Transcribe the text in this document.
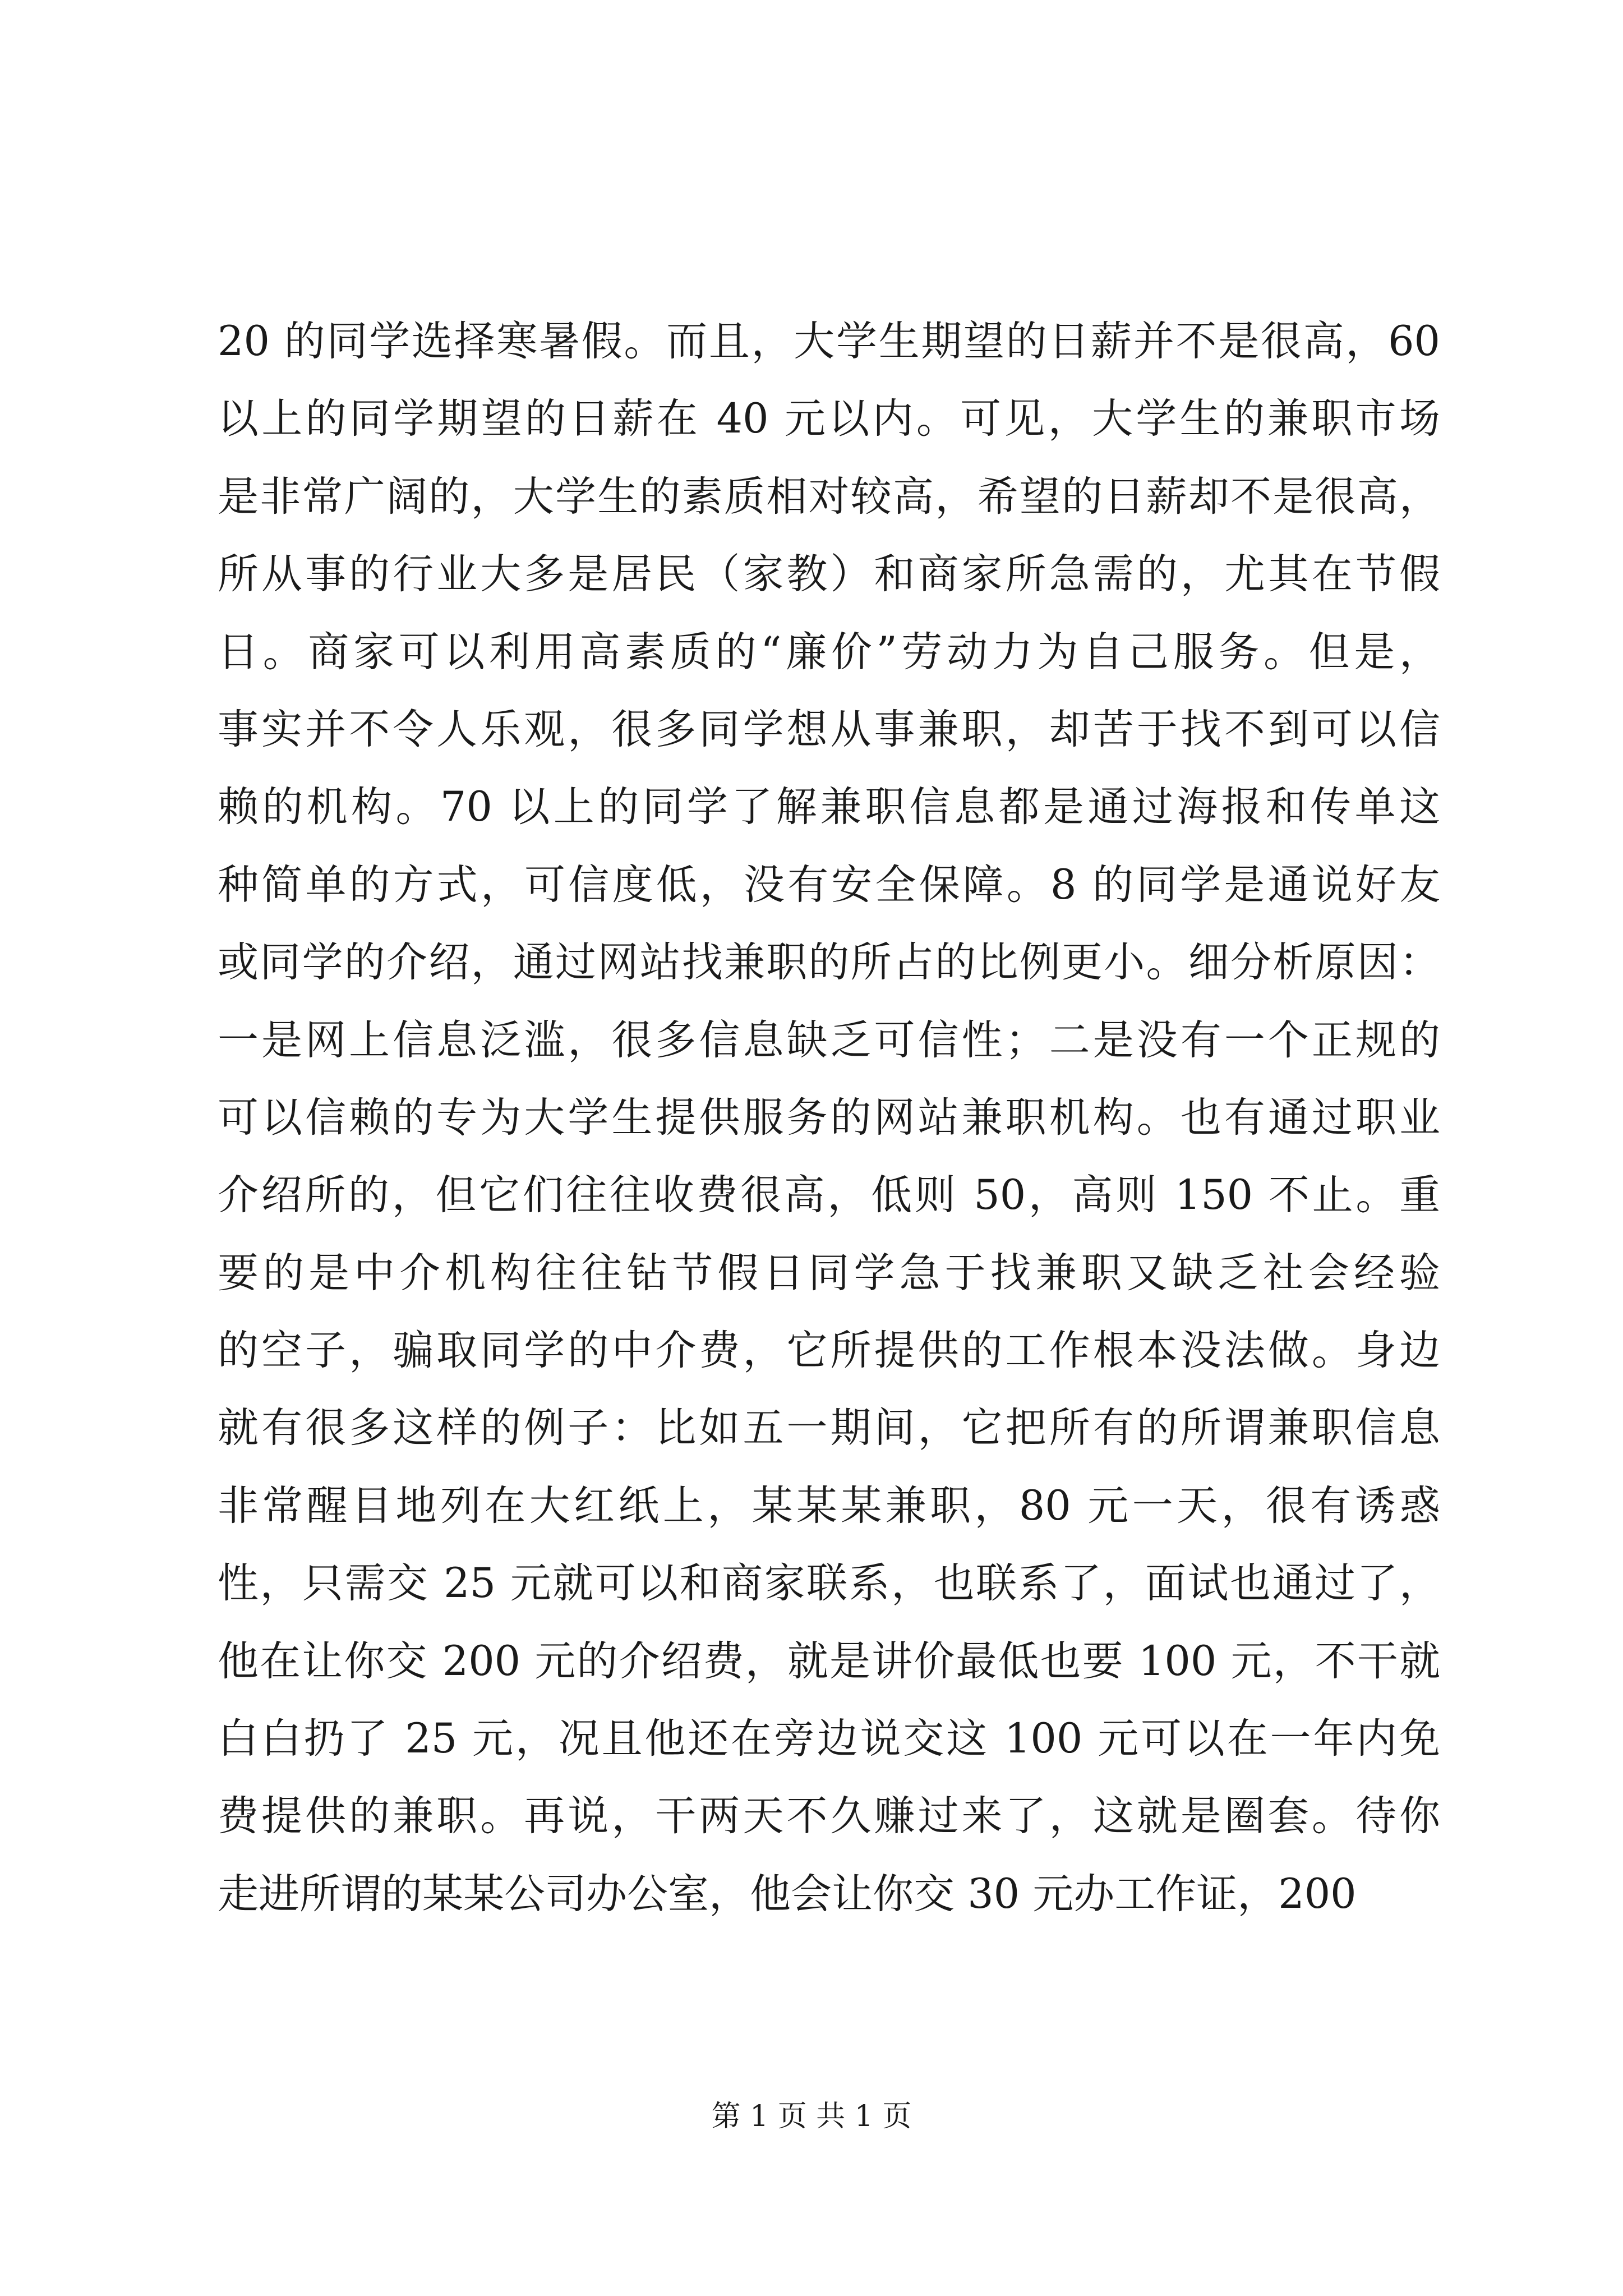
20 的同学选择寒暑假。而且，大学生期望的日薪并不是很高，60
以上的同学期望的日薪在 40 元以内。可见，大学生的兼职市场
是非常广阔的，大学生的素质相对较高，希望的日薪却不是很高，
所从事的行业大多是居民（家教）和商家所急需的，尤其在节假
日。商家可以利用高素质的“廉价”劳动力为自己服务。但是，
事实并不令人乐观，很多同学想从事兼职，却苦于找不到可以信
赖的机构。70 以上的同学了解兼职信息都是通过海报和传单这
种简单的方式，可信度低，没有安全保障。8 的同学是通说好友
或同学的介绍，通过网站找兼职的所占的比例更小。细分析原因：
一是网上信息泛滥，很多信息缺乏可信性；二是没有一个正规的
可以信赖的专为大学生提供服务的网站兼职机构。也有通过职业
介绍所的，但它们往往收费很高，低则 50，高则 150 不止。重
要的是中介机构往往钻节假日同学急于找兼职又缺乏社会经验
的空子，骗取同学的中介费，它所提供的工作根本没法做。身边
就有很多这样的例子：比如五一期间，它把所有的所谓兼职信息
非常醒目地列在大红纸上，某某某兼职，80 元一天，很有诱惑
性，只需交 25 元就可以和商家联系，也联系了，面试也通过了，
他在让你交 200 元的介绍费，就是讲价最低也要 100 元，不干就
白白扔了 25 元，况且他还在旁边说交这 100 元可以在一年内免
费提供的兼职。再说，干两天不久赚过来了，这就是圈套。待你
走进所谓的某某公司办公室，他会让你交 30 元办工作证，200
第 1 页 共 1 页
